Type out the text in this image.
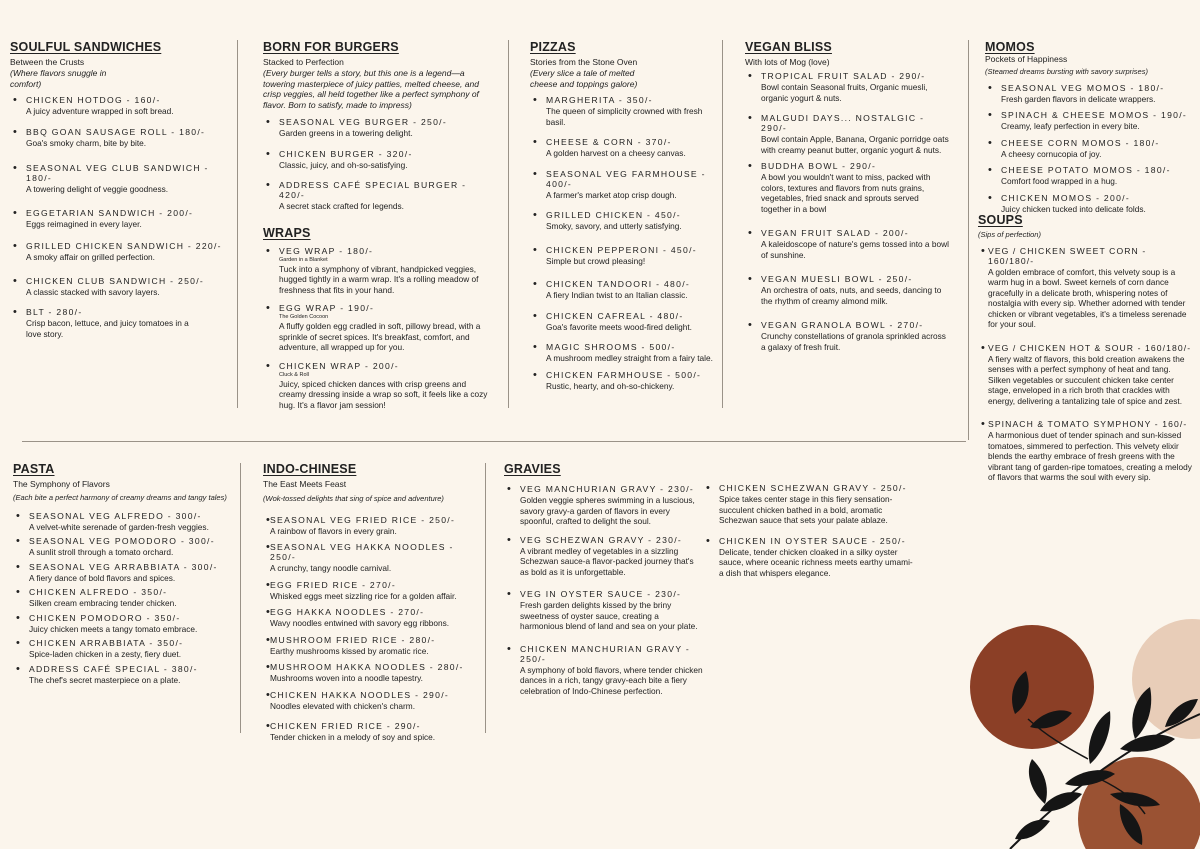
SOULFUL SANDWICHES
Between the Crusts
(Where flavors snuggle in comfort)
• CHICKEN HOTDOG - 160/-
A juicy adventure wrapped in soft bread.
• BBQ GOAN SAUSAGE ROLL - 180/-
Goa's smoky charm, bite by bite.
• SEASONAL VEG CLUB SANDWICH - 180/-
A towering delight of veggie goodness.
• EGGETARIAN SANDWICH - 200/-
Eggs reimagined in every layer.
• GRILLED CHICKEN SANDWICH - 220/-
A smoky affair on grilled perfection.
• CHICKEN CLUB SANDWICH - 250/-
A classic stacked with savory layers.
• BLT - 280/-
Crisp bacon, lettuce, and juicy tomatoes in a love story.
BORN FOR BURGERS
Stacked to Perfection
(Every burger tells a story, but this one is a legend—a towering masterpiece of juicy patties, melted cheese, and crisp veggies, all held together like a perfect symphony of flavor. Born to satisfy, made to impress)
• SEASONAL VEG BURGER - 250/-
Garden greens in a towering delight.
• CHICKEN BURGER - 320/-
Classic, juicy, and oh-so-satisfying.
• ADDRESS CAFÉ SPECIAL BURGER - 420/-
A secret stack crafted for legends.
WRAPS
• VEG WRAP - 180/-
Garden in a Blanket
Tuck into a symphony of vibrant, handpicked veggies, hugged tightly in a warm wrap. It's a rolling meadow of freshness that fits in your hand.
• EGG WRAP - 190/-
The Golden Cocoon
A fluffy golden egg cradled in soft, pillowy bread, with a sprinkle of secret spices. It's breakfast, comfort, and adventure, all wrapped up for you.
• CHICKEN WRAP - 200/-
Cluck & Roll
Juicy, spiced chicken dances with crisp greens and creamy dressing inside a wrap so soft, it feels like a cozy hug. It's a flavor jam session!
PIZZAS
Stories from the Stone Oven
(Every slice a tale of melted cheese and toppings galore)
• MARGHERITA - 350/-
The queen of simplicity crowned with fresh basil.
• CHEESE & CORN - 370/-
A golden harvest on a cheesy canvas.
• SEASONAL VEG FARMHOUSE - 400/-
A farmer's market atop crisp dough.
• GRILLED CHICKEN - 450/-
Smoky, savory, and utterly satisfying.
• CHICKEN PEPPERONI - 450/-
Simple but crowd pleasing!
• CHICKEN TANDOORI - 480/-
A fiery Indian twist to an Italian classic.
• CHICKEN CAFREAL - 480/-
Goa's favorite meets wood-fired delight.
• MAGIC SHROOMS - 500/-
A mushroom medley straight from a fairy tale.
• CHICKEN FARMHOUSE - 500/-
Rustic, hearty, and oh-so-chickeny.
VEGAN BLISS
With lots of Mog (love)
• TROPICAL FRUIT SALAD - 290/-
Bowl contain Seasonal fruits, Organic muesli, organic yogurt & nuts.
• MALGUDI DAYS... NOSTALGIC - 290/-
Bowl contain Apple, Banana, Organic porridge oats with creamy peanut butter, organic yogurt & nuts.
• BUDDHA BOWL - 290/-
A bowl you wouldn't want to miss, packed with colors, textures and flavors from nuts grains, vegetables, fried snack and sprouts served together in a bowl
• VEGAN FRUIT SALAD - 200/-
A kaleidoscope of nature's gems tossed into a bowl of sunshine.
• VEGAN MUESLI BOWL - 250/-
An orchestra of oats, nuts, and seeds, dancing to the rhythm of creamy almond milk.
• VEGAN GRANOLA BOWL - 270/-
Crunchy constellations of granola sprinkled across a galaxy of fresh fruit.
MOMOS
Pockets of Happiness
(Steamed dreams bursting with savory surprises)
• SEASONAL VEG MOMOS - 180/-
Fresh garden flavors in delicate wrappers.
• SPINACH & CHEESE MOMOS - 190/-
Creamy, leafy perfection in every bite.
• CHEESE CORN MOMOS - 180/-
A cheesy cornucopia of joy.
• CHEESE POTATO MOMOS - 180/-
Comfort food wrapped in a hug.
• CHICKEN MOMOS - 200/-
Juicy chicken tucked into delicate folds.
SOUPS
(Sips of perfection)
• VEG / CHICKEN SWEET CORN - 160/180/-
A golden embrace of comfort, this velvety soup is a warm hug in a bowl. Sweet kernels of corn dance gracefully in a delicate broth, whispering notes of nostalgia with every sip. Whether adorned with tender chicken or vibrant vegetables, it's a timeless serenade for your soul.
• VEG / CHICKEN HOT & SOUR - 160/180/-
A fiery waltz of flavors, this bold creation awakens the senses with a perfect symphony of heat and tang. Silken vegetables or succulent chicken take center stage, enveloped in a rich broth that crackles with energy, delivering a tantalizing tale of spice and zest.
• SPINACH & TOMATO SYMPHONY - 160/-
A harmonious duet of tender spinach and sun-kissed tomatoes, simmered to perfection. This velvety elixir blends the earthy embrace of fresh greens with the vibrant tang of garden-ripe tomatoes, creating a melody of flavors that warms the soul with every sip.
PASTA
The Symphony of Flavors
(Each bite a perfect harmony of creamy dreams and tangy tales)
• SEASONAL VEG ALFREDO - 300/-
A velvet-white serenade of garden-fresh veggies.
• SEASONAL VEG POMODORO - 300/-
A sunlit stroll through a tomato orchard.
• SEASONAL VEG ARRABBIATA - 300/-
A fiery dance of bold flavors and spices.
• CHICKEN ALFREDO - 350/-
Silken cream embracing tender chicken.
• CHICKEN POMODORO - 350/-
Juicy chicken meets a tangy tomato embrace.
• CHICKEN ARRABBIATA - 350/-
Spice-laden chicken in a zesty, fiery duet.
• ADDRESS CAFÉ SPECIAL - 380/-
The chef's secret masterpiece on a plate.
INDO-CHINESE
The East Meets Feast
(Wok-tossed delights that sing of spice and adventure)
• SEASONAL VEG FRIED RICE - 250/-
A rainbow of flavors in every grain.
• SEASONAL VEG HAKKA NOODLES - 250/-
A crunchy, tangy noodle carnival.
• EGG FRIED RICE - 270/-
Whisked eggs meet sizzling rice for a golden affair.
• EGG HAKKA NOODLES - 270/-
Wavy noodles entwined with savory egg ribbons.
• MUSHROOM FRIED RICE - 280/-
Earthy mushrooms kissed by aromatic rice.
• MUSHROOM HAKKA NOODLES - 280/-
Mushrooms woven into a noodle tapestry.
• CHICKEN HAKKA NOODLES - 290/-
Noodles elevated with chicken's charm.
• CHICKEN FRIED RICE - 290/-
Tender chicken in a melody of soy and spice.
GRAVIES
• VEG MANCHURIAN GRAVY - 230/-
Golden veggie spheres swimming in a luscious, savory gravy-a garden of flavors in every spoonful, crafted to delight the soul.
• VEG SCHEZWAN GRAVY - 230/-
A vibrant medley of vegetables in a sizzling Schezwan sauce-a flavor-packed journey that's as bold as it is unforgettable.
• VEG IN OYSTER SAUCE - 230/-
Fresh garden delights kissed by the briny sweetness of oyster sauce, creating a harmonious blend of land and sea on your plate.
• CHICKEN MANCHURIAN GRAVY - 250/-
A symphony of bold flavors, where tender chicken dances in a rich, tangy gravy-each bite a fiery celebration of Indo-Chinese perfection.
• CHICKEN SCHEZWAN GRAVY - 250/-
Spice takes center stage in this fiery sensation-succulent chicken bathed in a bold, aromatic Schezwan sauce that sets your palate ablaze.
• CHICKEN IN OYSTER SAUCE - 250/-
Delicate, tender chicken cloaked in a silky oyster sauce, where oceanic richness meets earthy umami-a dish that whispers elegance.
